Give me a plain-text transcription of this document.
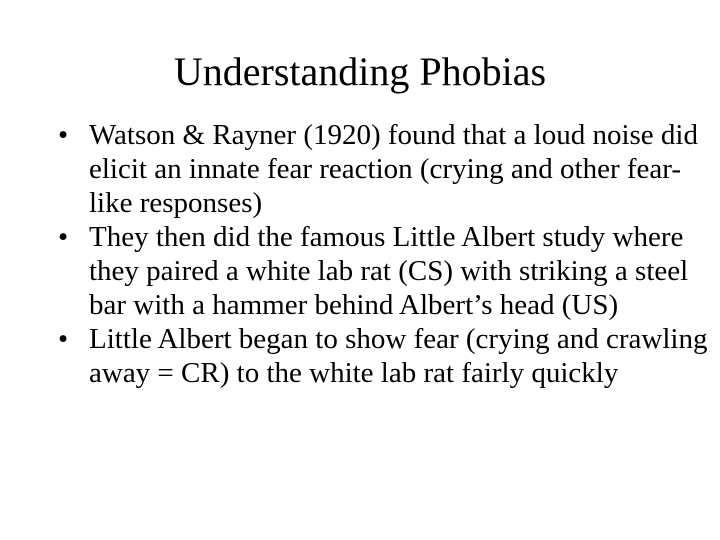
Understanding Phobias
• Watson & Rayner (1920) found that a loud noise did elicit an innate fear reaction (crying and other fear-like responses)
• They then did the famous Little Albert study where they paired a white lab rat (CS) with striking a steel bar with a hammer behind Albert’s head (US)
• Little Albert began to show fear (crying and crawling away = CR) to the white lab rat fairly quickly
